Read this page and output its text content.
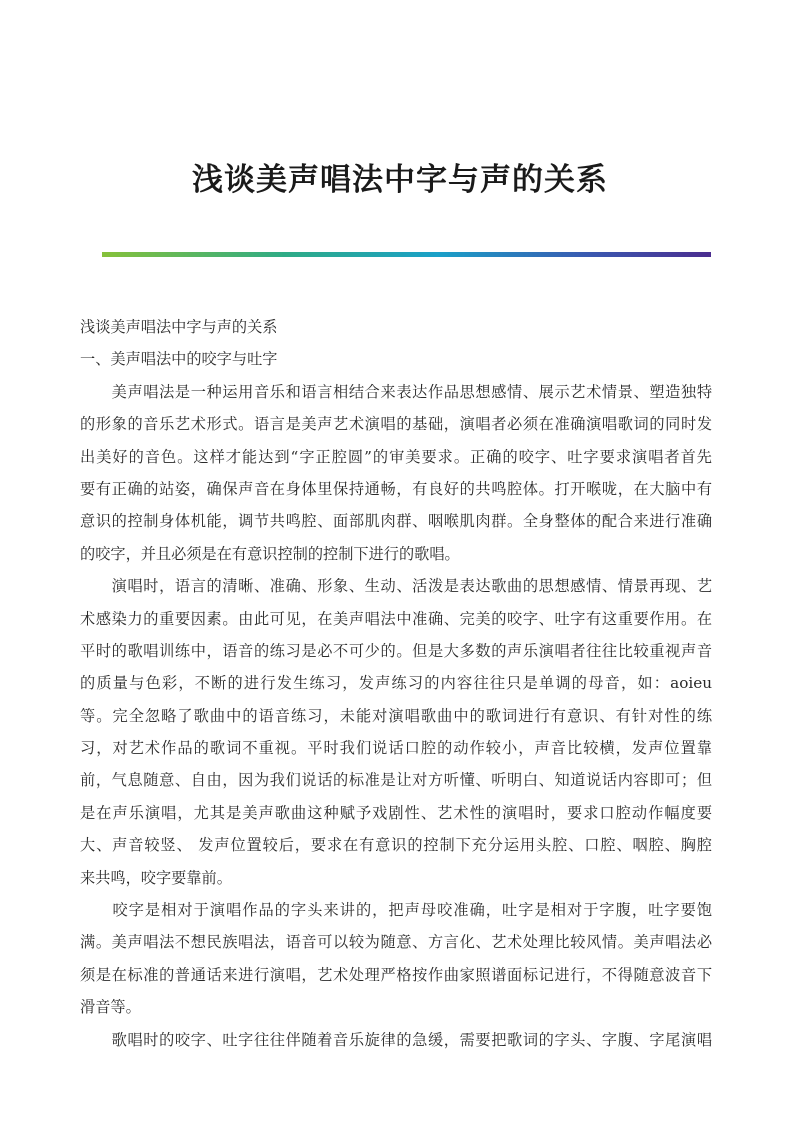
浅谈美声唱法中字与声的关系
浅谈美声唱法中字与声的关系
一、美声唱法中的咬字与吐字
　　美声唱法是一种运用音乐和语言相结合来表达作品思想感情、展示艺术情景、塑造独特
的形象的音乐艺术形式。语言是美声艺术演唱的基础，演唱者必须在准确演唱歌词的同时发
出美好的音色。这样才能达到“字正腔圆”的审美要求。正确的咬字、吐字要求演唱者首先
要有正确的站姿，确保声音在身体里保持通畅，有良好的共鸣腔体。打开喉咙，在大脑中有
意识的控制身体机能，调节共鸣腔、面部肌肉群、咽喉肌肉群。全身整体的配合来进行准确
的咬字，并且必须是在有意识控制的控制下进行的歌唱。
　　演唱时，语言的清晰、准确、形象、生动、活泼是表达歌曲的思想感情、情景再现、艺
术感染力的重要因素。由此可见，在美声唱法中准确、完美的咬字、吐字有这重要作用。在
平时的歌唱训练中，语音的练习是必不可少的。但是大多数的声乐演唱者往往比较重视声音
的质量与色彩，不断的进行发生练习，发声练习的内容往往只是单调的母音，如：aoieu
等。完全忽略了歌曲中的语音练习，未能对演唱歌曲中的歌词进行有意识、有针对性的练
习，对艺术作品的歌词不重视。平时我们说话口腔的动作较小，声音比较横，发声位置靠
前，气息随意、自由，因为我们说话的标准是让对方听懂、听明白、知道说话内容即可；但
是在声乐演唱，尤其是美声歌曲这种赋予戏剧性、艺术性的演唱时，要求口腔动作幅度要
大、声音较竖、 发声位置较后，要求在有意识的控制下充分运用头腔、口腔、咽腔、胸腔
来共鸣，咬字要靠前。
　　咬字是相对于演唱作品的字头来讲的，把声母咬准确，吐字是相对于字腹，吐字要饱
满。美声唱法不想民族唱法，语音可以较为随意、方言化、艺术处理比较风情。美声唱法必
须是在标准的普通话来进行演唱，艺术处理严格按作曲家照谱面标记进行，不得随意波音下
滑音等。
　　歌唱时的咬字、吐字往往伴随着音乐旋律的急缓，需要把歌词的字头、字腹、字尾演唱
